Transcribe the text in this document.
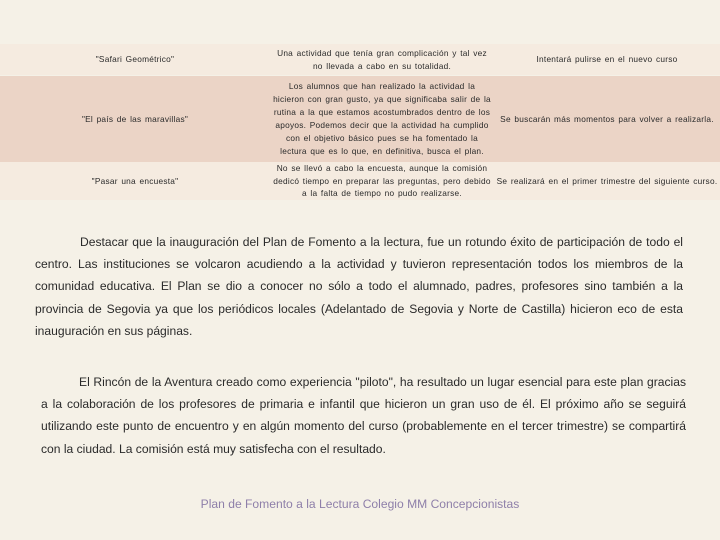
"Safari Geométrico"
Una actividad que tenía gran complicación y tal vez no llevada a cabo en su totalidad.
Intentará pulirse en el nuevo curso
"El país de las maravillas"
Los alumnos que han realizado la actividad la hicieron con gran gusto, ya que significaba salir de la rutina a la que estamos acostumbrados dentro de los apoyos. Podemos decir que la actividad ha cumplido con el objetivo básico pues se ha fomentado la lectura que es lo que, en definitiva, busca el plan.
Se buscarán más momentos para volver a realizarla.
"Pasar una encuesta"
No se llevó a cabo la encuesta, aunque la comisión dedicó tiempo en preparar las preguntas, pero debido a la falta de tiempo no pudo realizarse.
Se realizará en el primer trimestre del siguiente curso.

Destacar que la inauguración del Plan de Fomento a la lectura, fue un rotundo éxito de participación de todo el centro. Las instituciones se volcaron acudiendo a la actividad y tuvieron representación todos los miembros de la comunidad educativa. El Plan se dio a conocer no sólo a todo el alumnado, padres, profesores sino también a la provincia de Segovia ya que los periódicos locales (Adelantado de Segovia y Norte de Castilla) hicieron eco de esta inauguración en sus páginas.

El Rincón de la Aventura creado como experiencia "piloto", ha resultado un lugar esencial para este plan gracias a la colaboración de los profesores de primaria e infantil que hicieron un gran uso de él. El próximo año se seguirá utilizando este punto de encuentro y en algún momento del curso (probablemente en el tercer trimestre) se compartirá con la ciudad. La comisión está muy satisfecha con el resultado.

Plan de Fomento a la Lectura Colegio MM Concepcionistas
